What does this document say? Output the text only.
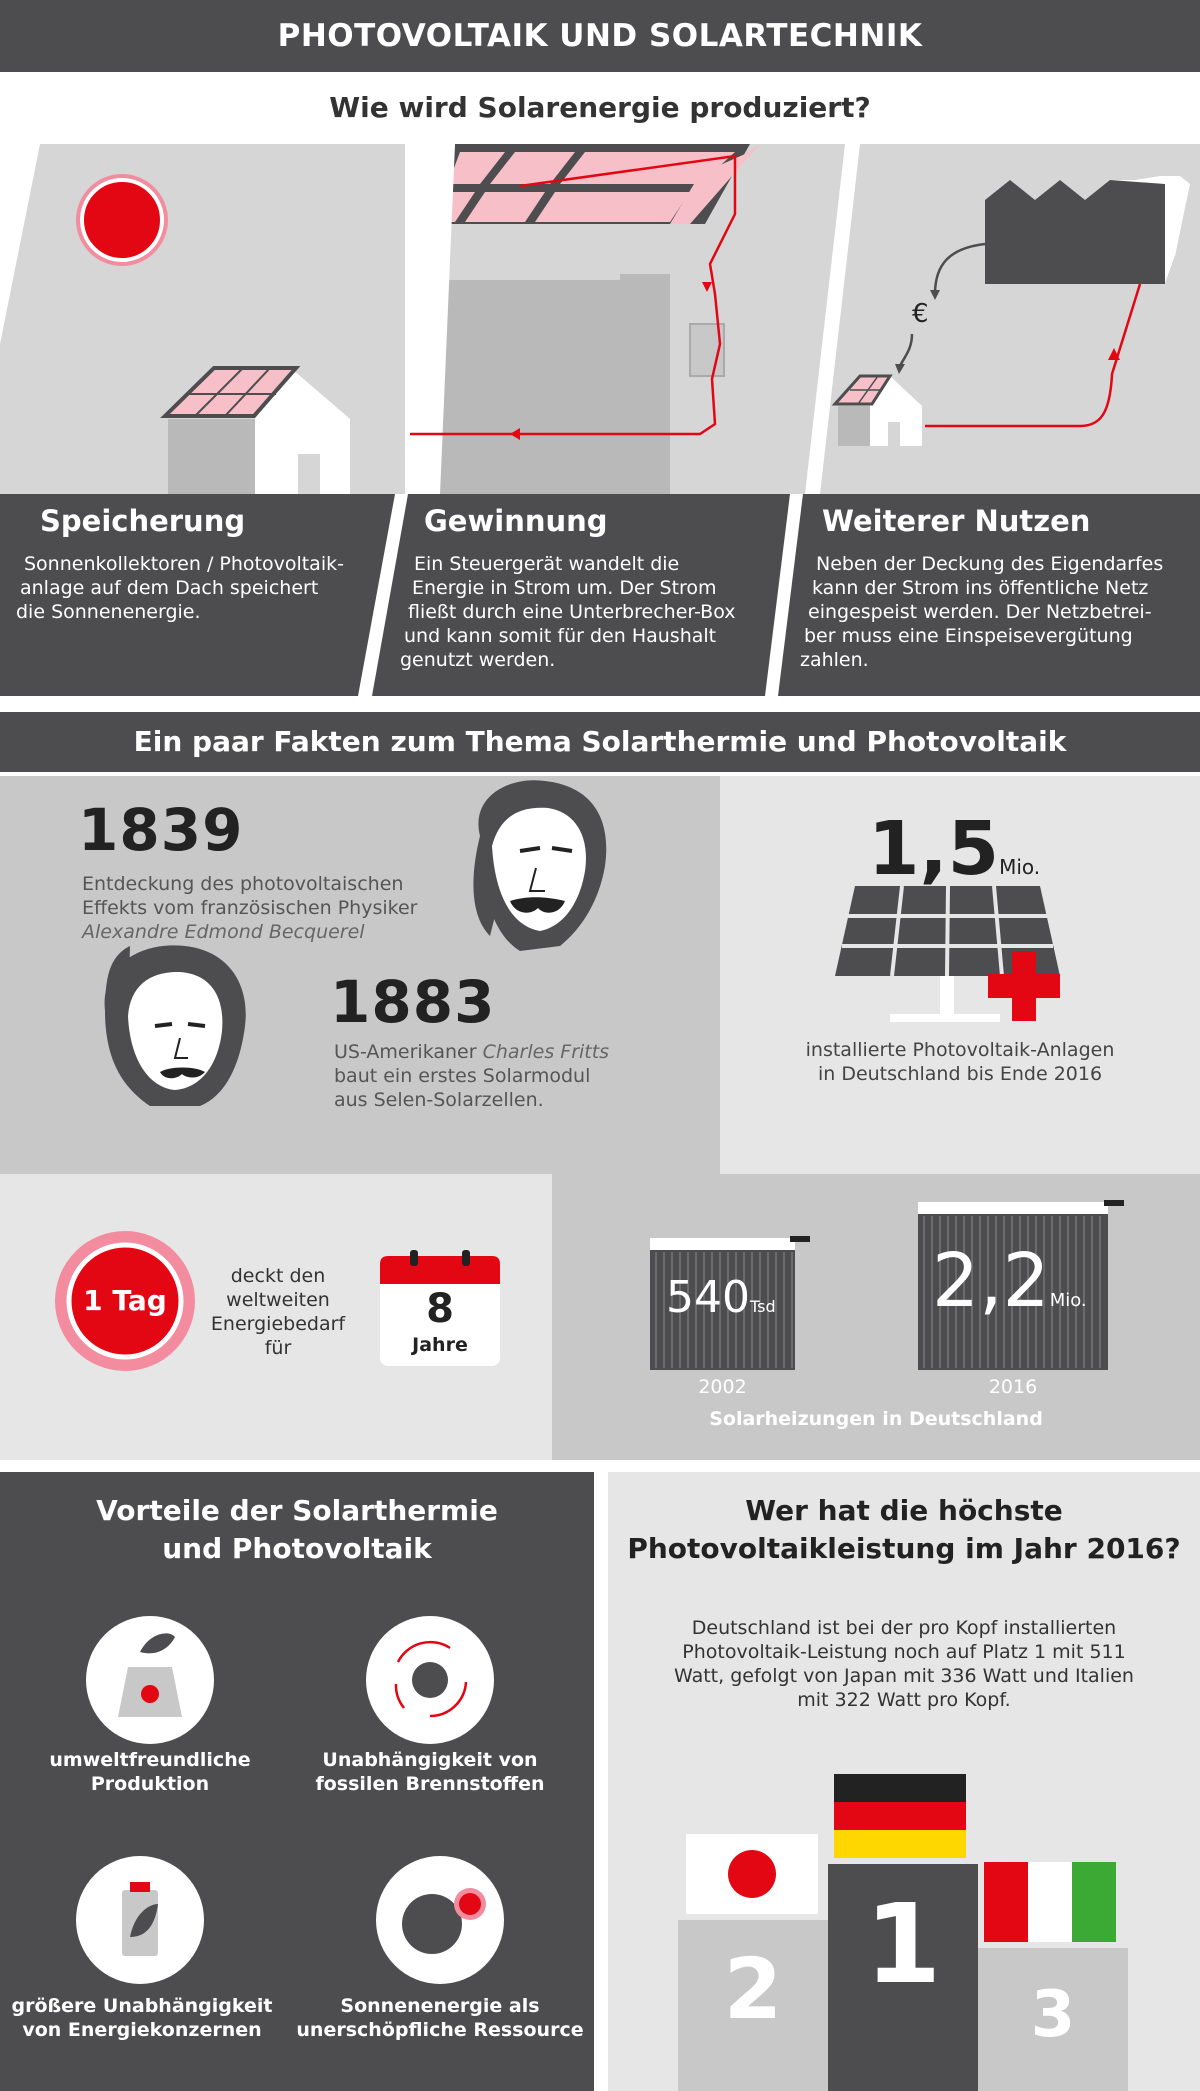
PHOTOVOLTAIK UND SOLARTECHNIK
Wie wird Solarenergie produziert?
€
Speicherung
Sonnenkollektoren / Photovoltaik-
anlage auf dem Dach speichert
die Sonnenenergie.
Gewinnung
Ein Steuergerät wandelt die
Energie in Strom um. Der Strom
fließt durch eine Unterbrecher-Box
und kann somit für den Haushalt
genutzt werden.
Weiterer Nutzen
Neben der Deckung des Eigendarfes
kann der Strom ins öffentliche Netz
eingespeist werden. Der Netzbetrei-
ber muss eine Einspeisevergütung
zahlen.
Ein paar Fakten zum Thema Solarthermie und Photovoltaik
1839
Entdeckung des photovoltaischen
Effekts vom französischen Physiker
Alexandre Edmond Becquerel
1883
US-Amerikaner Charles Fritts
baut ein erstes Solarmodul
aus Selen-Solarzellen.
1,5Mio.
installierte Photovoltaik-Anlagen
in Deutschland bis Ende 2016
1 Tag
deckt den
weltweiten
Energiebedarf
für
8
Jahre
540Tsd
2002
2,2Mio.
2016
Solarheizungen in Deutschland
Vorteile der Solarthermie
und Photovoltaik
umweltfreundliche
Produktion
Unabhängigkeit von
fossilen Brennstoffen
größere Unabhängigkeit
von Energiekonzernen
Sonnenenergie als
unerschöpfliche Ressource
Wer hat die höchste
Photovoltaikleistung im Jahr 2016?
Deutschland ist bei der pro Kopf installierten
Photovoltaik-Leistung noch auf Platz 1 mit 511
Watt, gefolgt von Japan mit 336 Watt und Italien
mit 322 Watt pro Kopf.
1
2	3
